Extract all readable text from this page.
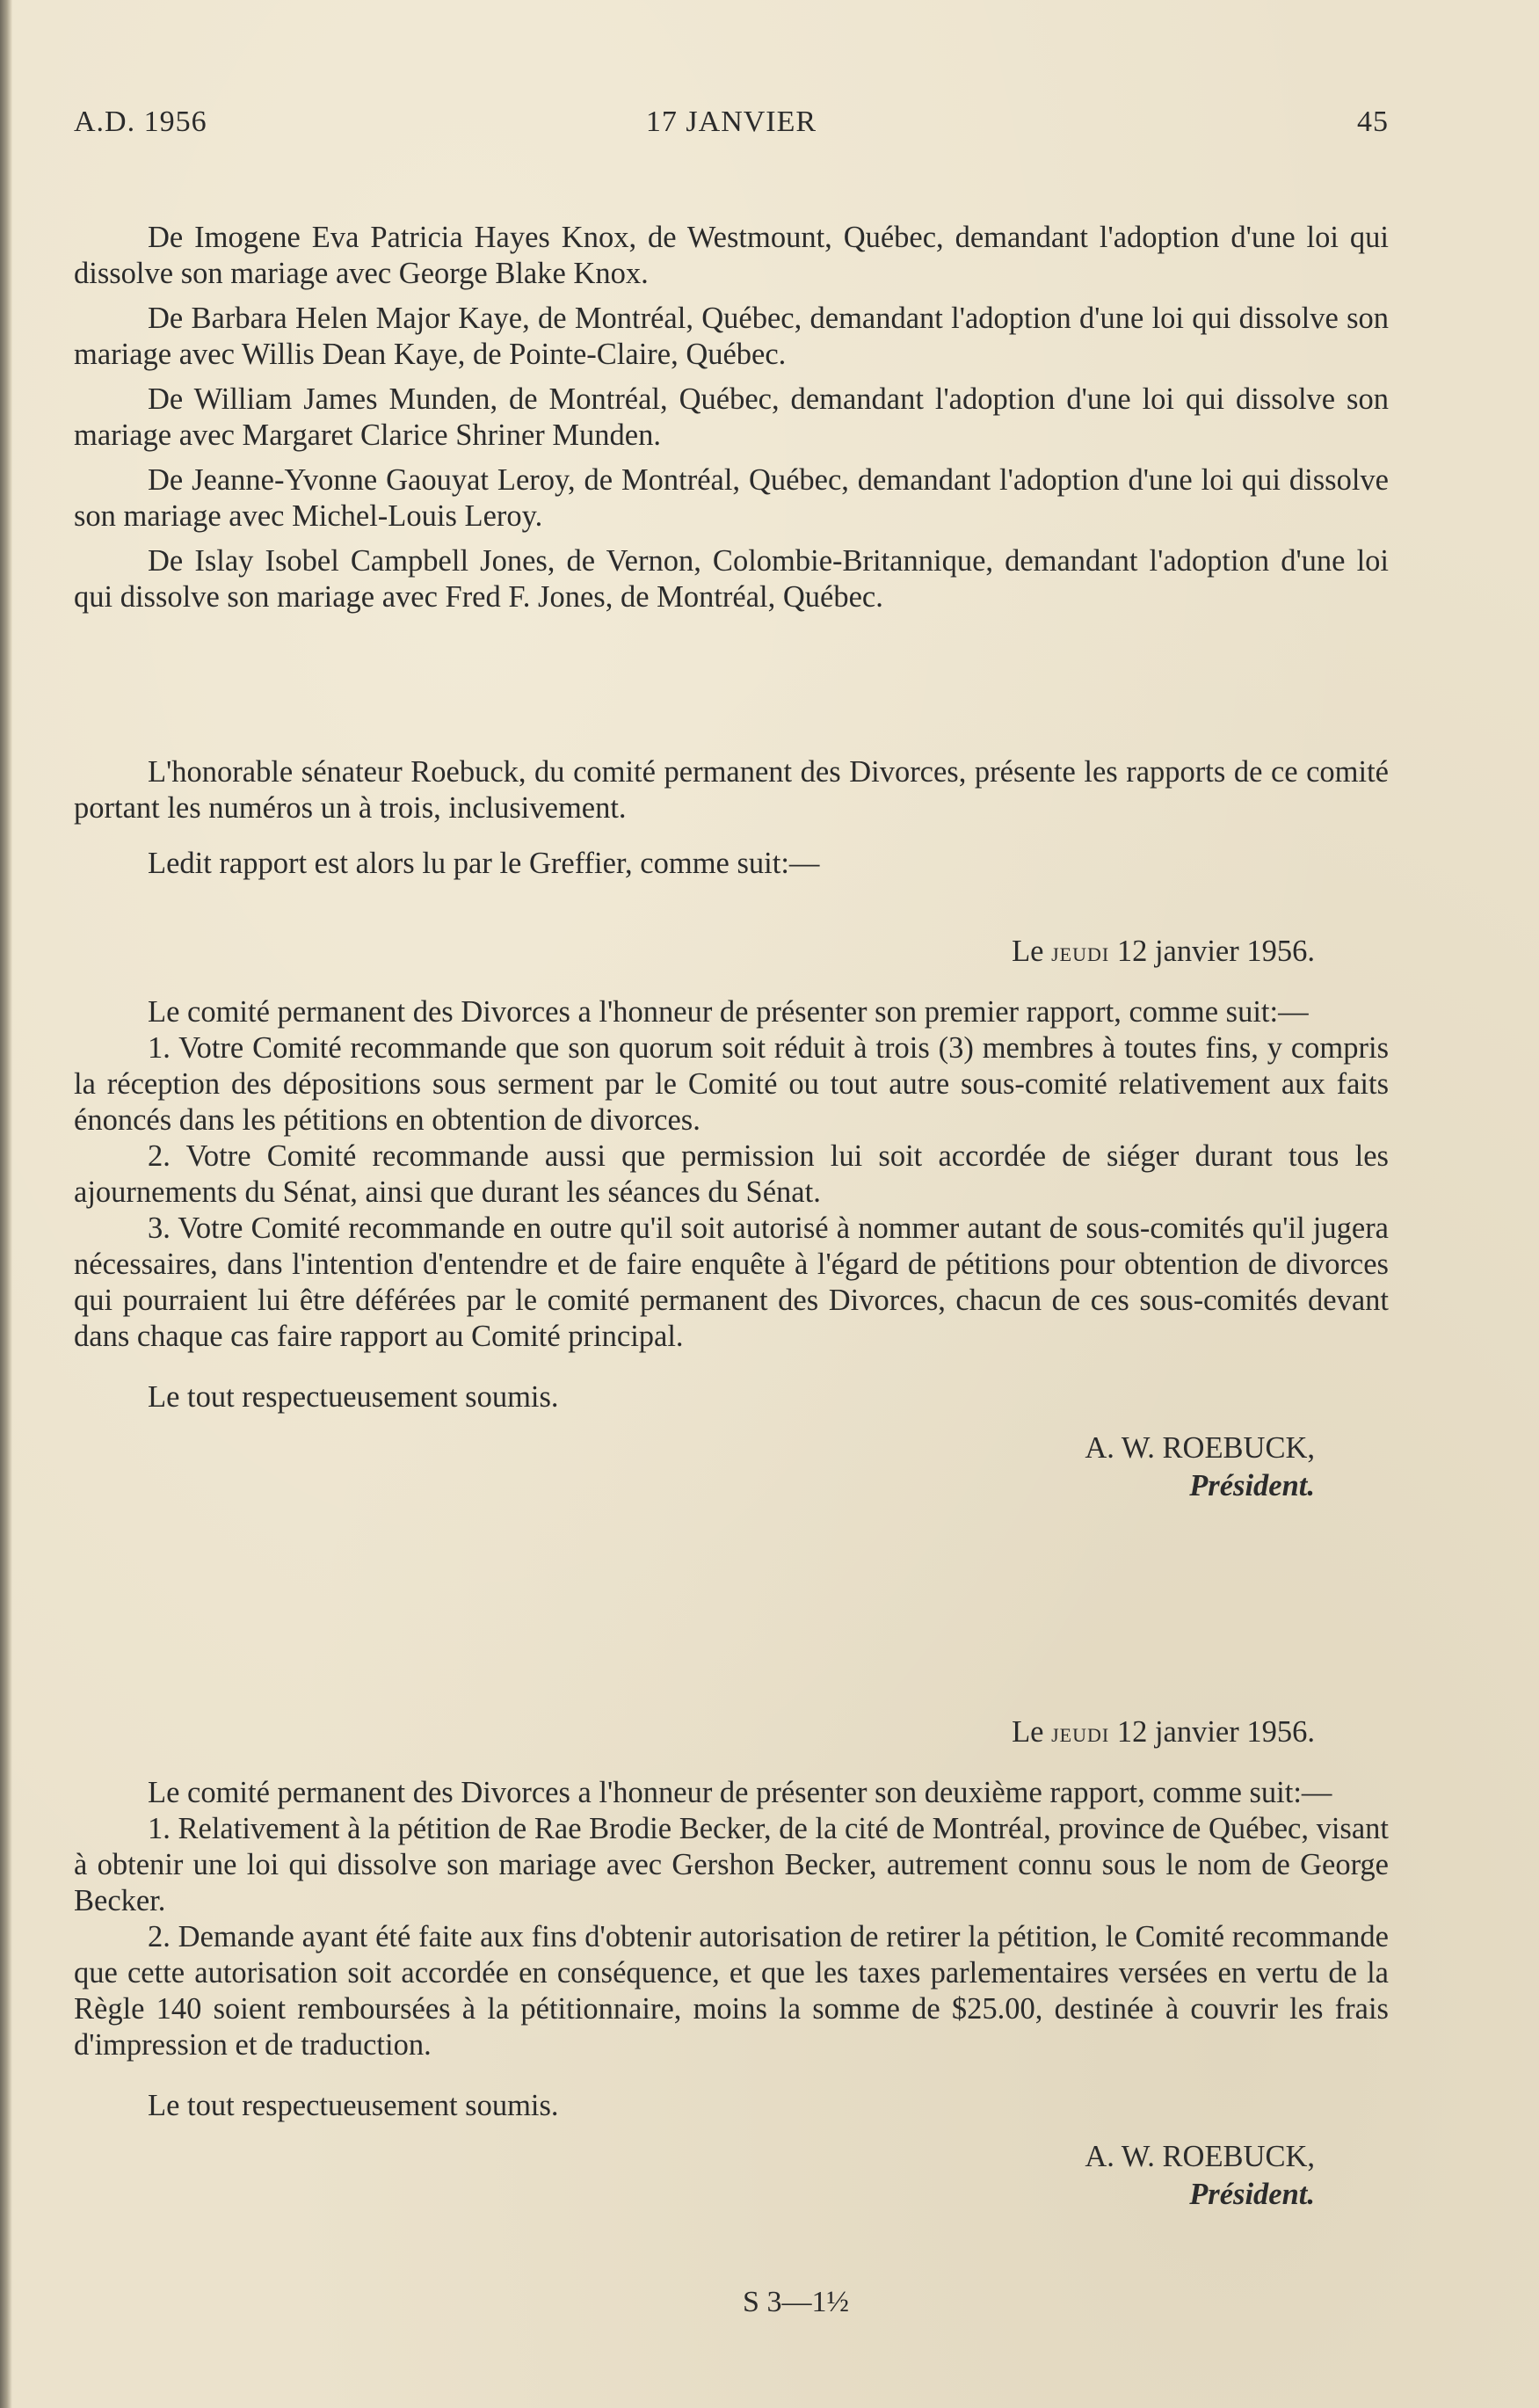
A.D. 1956	17 JANVIER	45

De Imogene Eva Patricia Hayes Knox, de Westmount, Québec, demandant l'adoption d'une loi qui dissolve son mariage avec George Blake Knox.

De Barbara Helen Major Kaye, de Montréal, Québec, demandant l'adoption d'une loi qui dissolve son mariage avec Willis Dean Kaye, de Pointe-Claire, Québec.

De William James Munden, de Montréal, Québec, demandant l'adoption d'une loi qui dissolve son mariage avec Margaret Clarice Shriner Munden.

De Jeanne-Yvonne Gaouyat Leroy, de Montréal, Québec, demandant l'adoption d'une loi qui dissolve son mariage avec Michel-Louis Leroy.

De Islay Isobel Campbell Jones, de Vernon, Colombie-Britannique, demandant l'adoption d'une loi qui dissolve son mariage avec Fred F. Jones, de Montréal, Québec.

L'honorable sénateur Roebuck, du comité permanent des Divorces, présente les rapports de ce comité portant les numéros un à trois, inclusivement.

Ledit rapport est alors lu par le Greffier, comme suit:—

Le jeudi 12 janvier 1956.

Le comité permanent des Divorces a l'honneur de présenter son premier rapport, comme suit:—

1. Votre Comité recommande que son quorum soit réduit à trois (3) membres à toutes fins, y compris la réception des dépositions sous serment par le Comité ou tout autre sous-comité relativement aux faits énoncés dans les pétitions en obtention de divorces.

2. Votre Comité recommande aussi que permission lui soit accordée de siéger durant tous les ajournements du Sénat, ainsi que durant les séances du Sénat.

3. Votre Comité recommande en outre qu'il soit autorisé à nommer autant de sous-comités qu'il jugera nécessaires, dans l'intention d'entendre et de faire enquête à l'égard de pétitions pour obtention de divorces qui pourraient lui être déférées par le comité permanent des Divorces, chacun de ces sous-comités devant dans chaque cas faire rapport au Comité principal.

Le tout respectueusement soumis.

A. W. ROEBUCK,

Président.

Le jeudi 12 janvier 1956.

Le comité permanent des Divorces a l'honneur de présenter son deuxième rapport, comme suit:—

1. Relativement à la pétition de Rae Brodie Becker, de la cité de Montréal, province de Québec, visant à obtenir une loi qui dissolve son mariage avec Gershon Becker, autrement connu sous le nom de George Becker.

2. Demande ayant été faite aux fins d'obtenir autorisation de retirer la pétition, le Comité recommande que cette autorisation soit accordée en conséquence, et que les taxes parlementaires versées en vertu de la Règle 140 soient remboursées à la pétitionnaire, moins la somme de $25.00, destinée à couvrir les frais d'impression et de traduction.

Le tout respectueusement soumis.

A. W. ROEBUCK,

Président.

S 3—1½
